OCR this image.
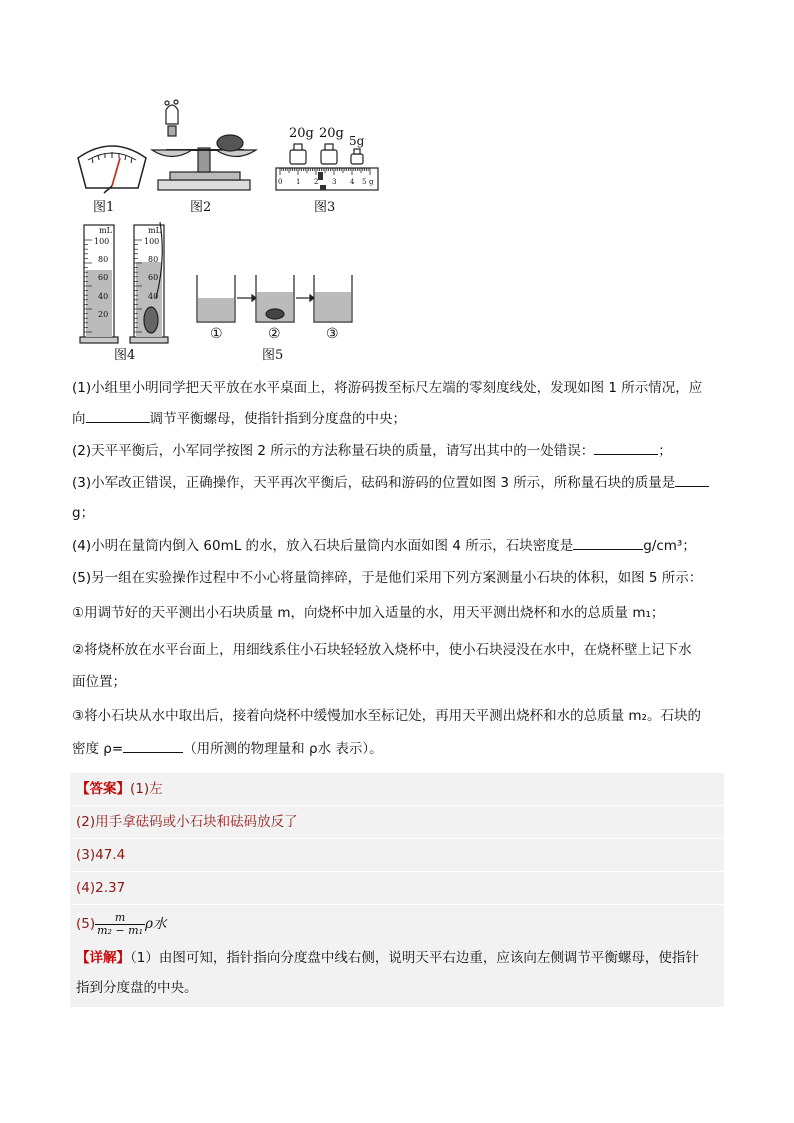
图1	图2	图3
图4	图5
20g 20g 5g
0 1 2 3 4 5 g
mL	mL
100
80
60
40
20
100
80
60
40
①	②	③
(1)小组里小明同学把天平放在水平桌面上，将游码拨至标尺左端的零刻度线处，发现如图 1 所示情况，应
向	调节平衡螺母，使指针指到分度盘的中央；
(2)天平平衡后，小军同学按图 2 所示的方法称量石块的质量，请写出其中的一处错误：	；
(3)小军改正错误，正确操作，天平再次平衡后，砝码和游码的位置如图 3 所示，所称量石块的质量是
g；
(4)小明在量筒内倒入 60mL 的水，放入石块后量筒内水面如图 4 所示，石块密度是	g/cm³；
(5)另一组在实验操作过程中不小心将量筒摔碎，于是他们采用下列方案测量小石块的体积，如图 5 所示：
①用调节好的天平测出小石块质量 m，向烧杯中加入适量的水，用天平测出烧杯和水的总质量 m₁；
②将烧杯放在水平台面上，用细线系住小石块轻轻放入烧杯中，使小石块浸没在水中，在烧杯壁上记下水
面位置；
③将小石块从水中取出后，接着向烧杯中缓慢加水至标记处，再用天平测出烧杯和水的总质量 m₂。石块的
密度 ρ=	（用所测的物理量和 ρ水 表示）。
【答案】(1)左
(2)用手拿砝码或小石块和砝码放反了
(3)47.4
(4)2.37
$(5) \frac{m}{\text{m₂ − m₁}}$ ρ水
【详解】（1）由图可知，指针指向分度盘中线右侧，说明天平右边重，应该向左侧调节平衡螺母，使指针
指到分度盘的中央。
